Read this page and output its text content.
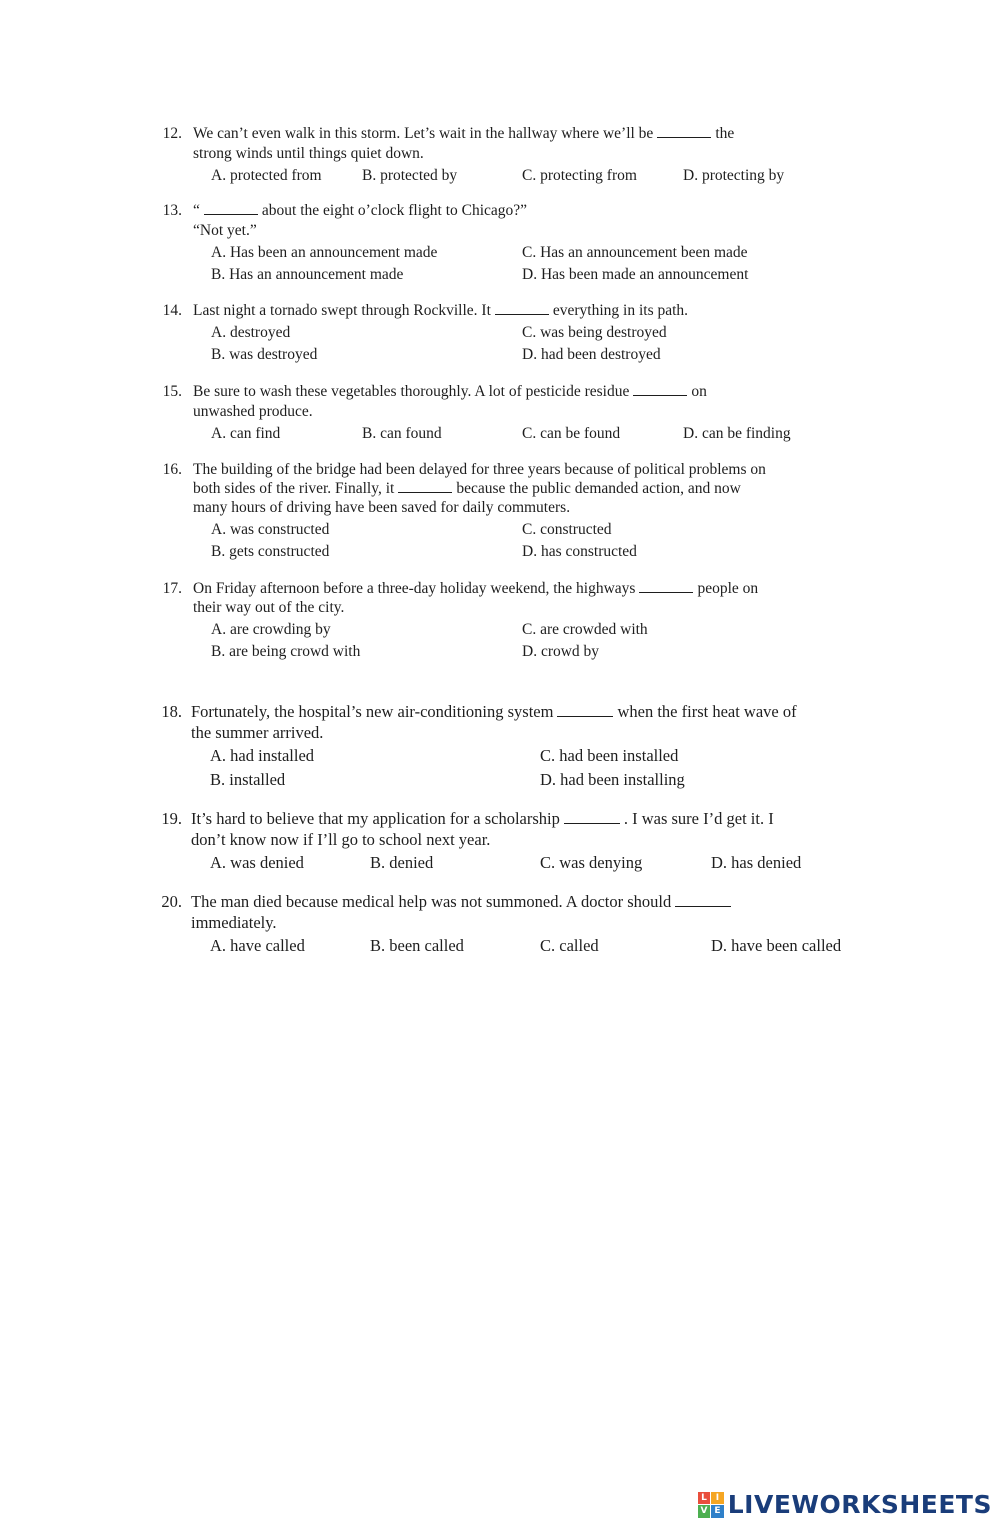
12. We can’t even walk in this storm. Let’s wait in the hallway where we’ll be	the
strong winds until things quiet down.
A. protected from	B. protected by	C. protecting from	D. protecting by
13. “	about the eight o’clock flight to Chicago?”
“Not yet.”
A. Has been an announcement made	C. Has an announcement been made
B. Has an announcement made	D. Has been made an announcement
14. Last night a tornado swept through Rockville. It	everything in its path.
A. destroyed	C. was being destroyed
B. was destroyed	D. had been destroyed
15. Be sure to wash these vegetables thoroughly. A lot of pesticide residue	on
unwashed produce.
A. can find	B. can found	C. can be found	D. can be finding
16. The building of the bridge had been delayed for three years because of political problems on
both sides of the river. Finally, it	because the public demanded action, and now
many hours of driving have been saved for daily commuters.
A. was constructed	C. constructed
B. gets constructed	D. has constructed
17. On Friday afternoon before a three-day holiday weekend, the highways	people on
their way out of the city.
A. are crowding by	C. are crowded with
B. are being crowd with	D. crowd by
18. Fortunately, the hospital’s new air-conditioning system	when the first heat wave of
the summer arrived.
A. had installed	C. had been installed
B. installed	D. had been installing
19. It’s hard to believe that my application for a scholarship	. I was sure I’d get it. I
don’t know now if I’ll go to school next year.
A. was denied	B. denied	C. was denying	D. has denied
20. The man died because medical help was not summoned. A doctor should
immediately.
A. have called	B. been called	C. called	D. have been called
L I
V E LIVEWORKSHEETS
